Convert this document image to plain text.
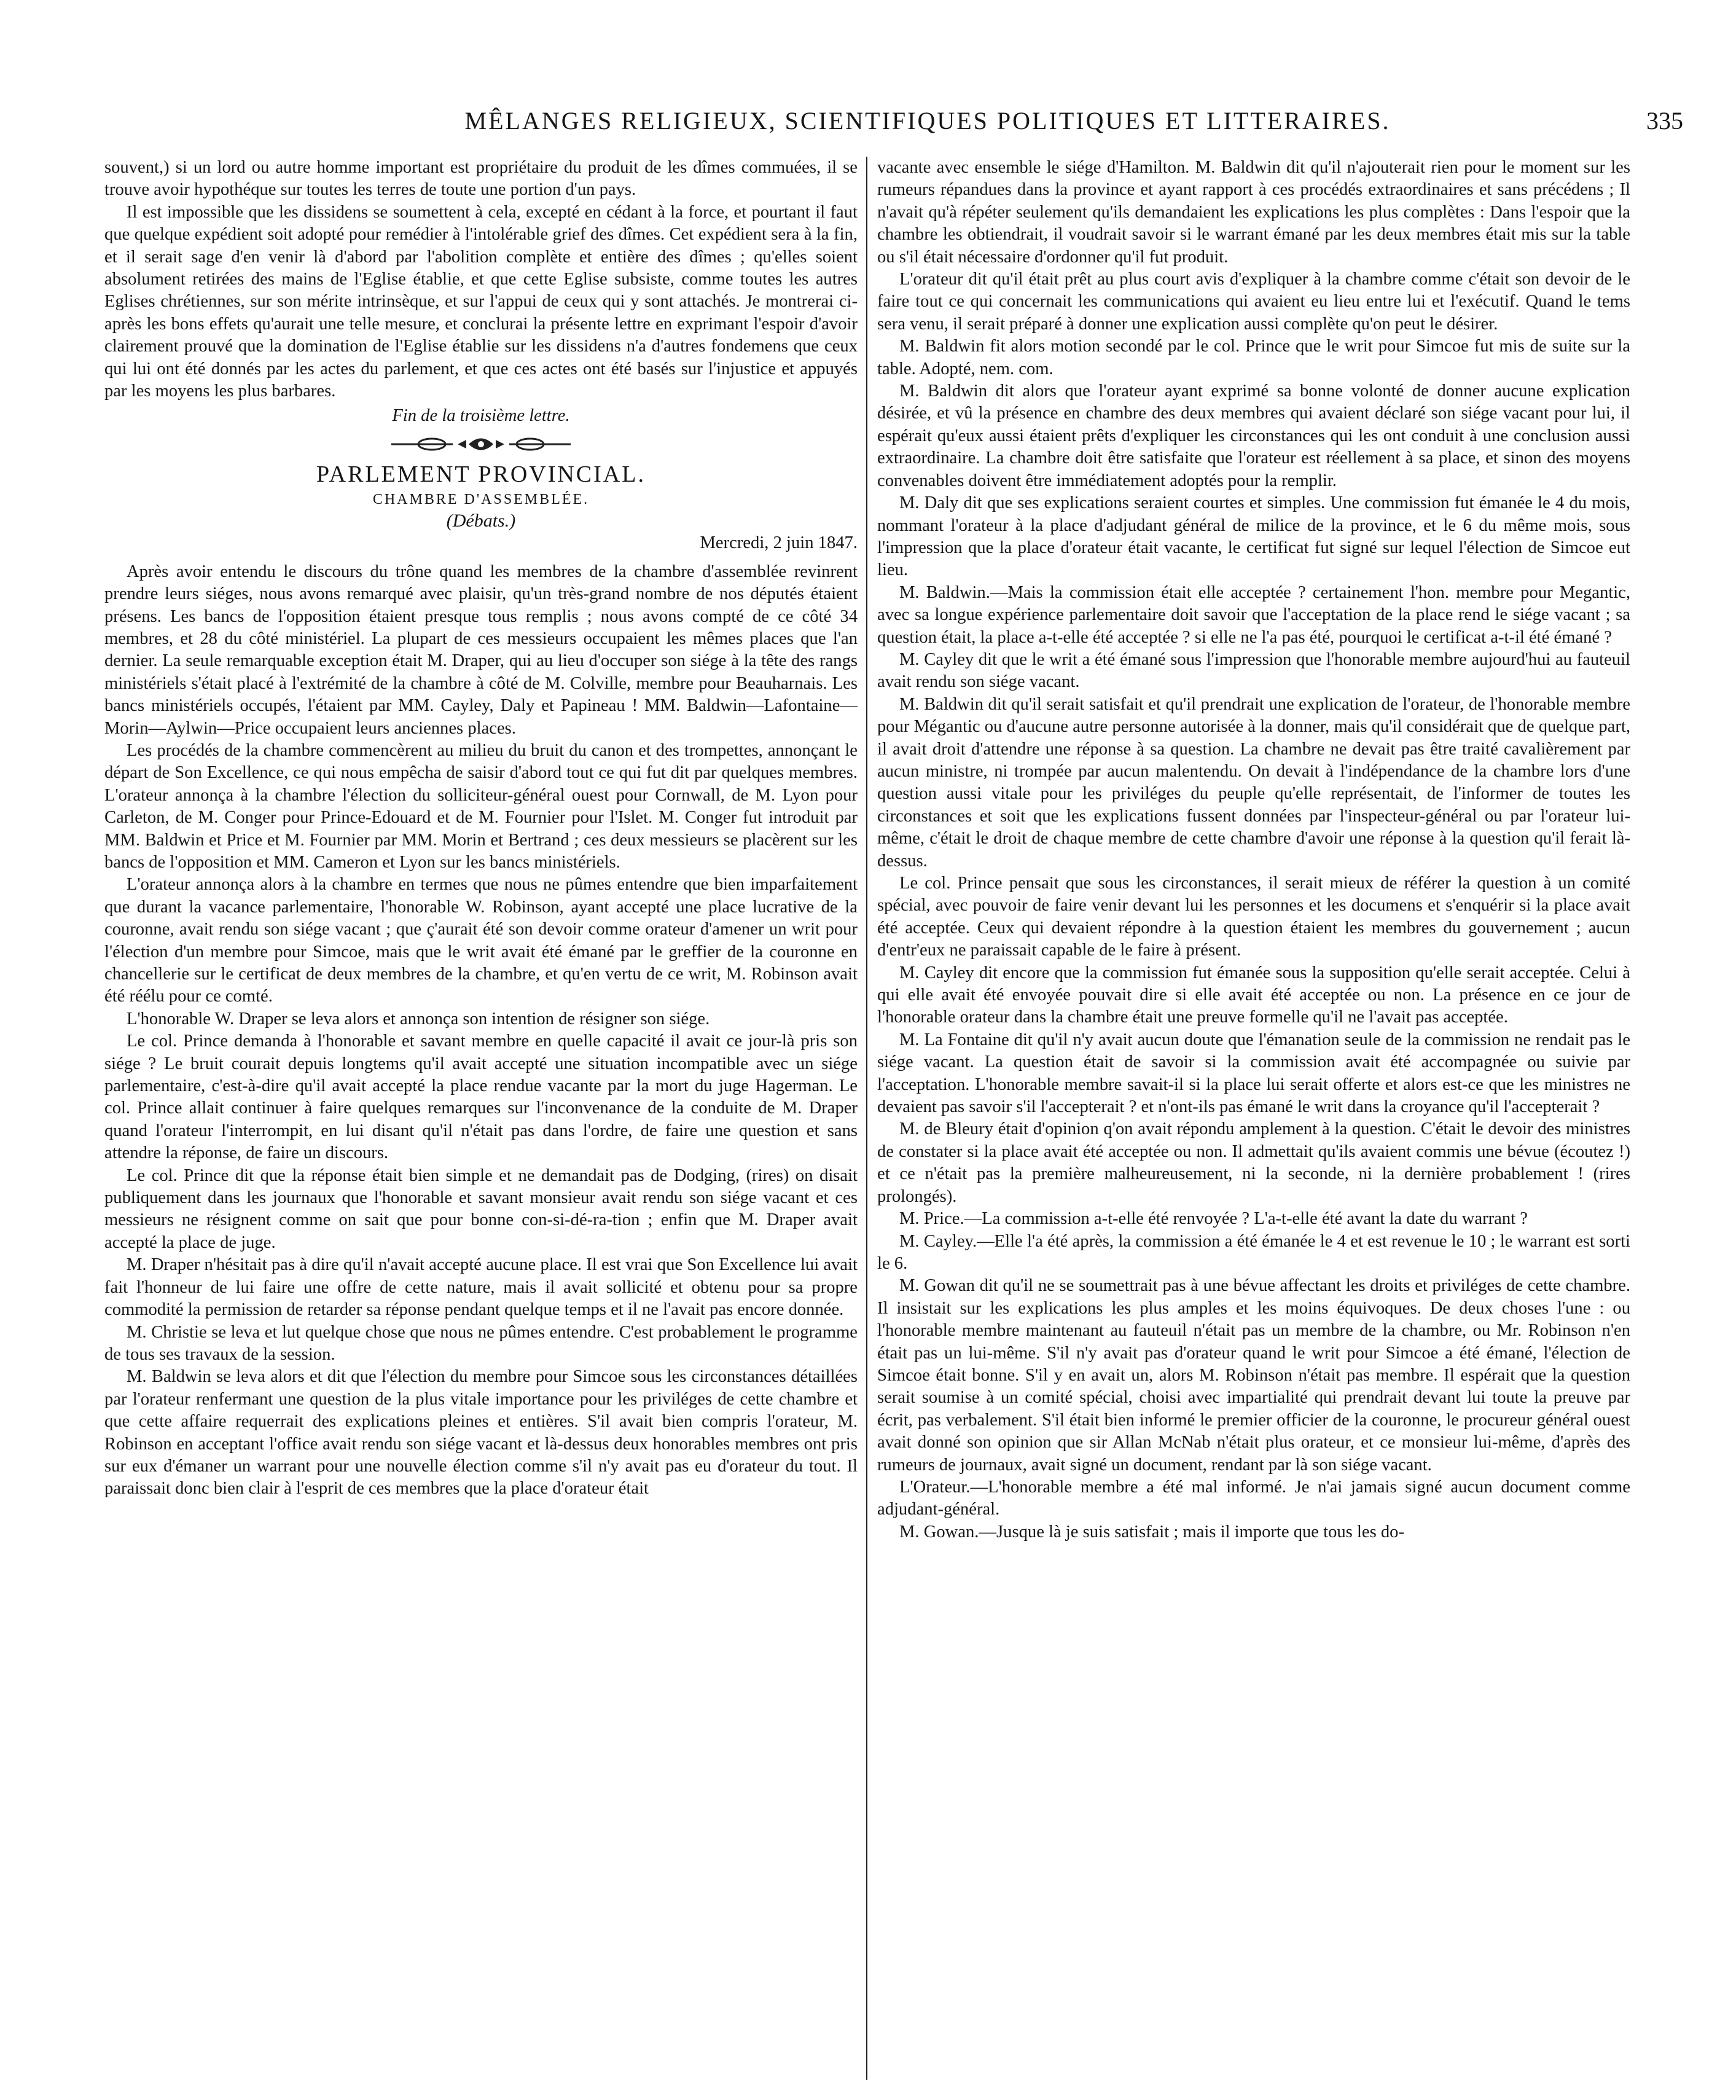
MÊLANGES RELIGIEUX, SCIENTIFIQUES POLITIQUES ET LITTERAIRES.	335

souvent,) si un lord ou autre homme important est propriétaire du produit de les dîmes commuées, il se trouve avoir hypothéque sur toutes les terres de toute une portion d'un pays.

Il est impossible que les dissidens se soumettent à cela, excepté en cédant à la force, et pourtant il faut que quelque expédient soit adopté pour remédier à l'intolérable grief des dîmes. Cet expédient sera à la fin, et il serait sage d'en venir là d'abord par l'abolition complète et entière des dîmes ; qu'elles soient absolument retirées des mains de l'Eglise établie, et que cette Eglise subsiste, comme toutes les autres Eglises chrétiennes, sur son mérite intrinsèque, et sur l'appui de ceux qui y sont attachés. Je montrerai ci-après les bons effets qu'aurait une telle mesure, et conclurai la présente lettre en exprimant l'espoir d'avoir clairement prouvé que la domination de l'Eglise établie sur les dissidens n'a d'autres fondemens que ceux qui lui ont été donnés par les actes du parlement, et que ces actes ont été basés sur l'injustice et appuyés par les moyens les plus barbares.

Fin de la troisième lettre.

PARLEMENT PROVINCIAL.

CHAMBRE D'ASSEMBLÉE.

(Débats.)

Mercredi, 2 juin 1847.

Après avoir entendu le discours du trône quand les membres de la chambre d'assemblée revinrent prendre leurs siéges, nous avons remarqué avec plaisir, qu'un très-grand nombre de nos députés étaient présens. Les bancs de l'opposition étaient presque tous remplis ; nous avons compté de ce côté 34 membres, et 28 du côté ministériel. La plupart de ces messieurs occupaient les mêmes places que l'an dernier. La seule remarquable exception était M. Draper, qui au lieu d'occuper son siége à la tête des rangs ministériels s'était placé à l'extrémité de la chambre à côté de M. Colville, membre pour Beauharnais. Les bancs ministériels occupés, l'étaient par MM. Cayley, Daly et Papineau ! MM. Baldwin—Lafontaine—Morin—Aylwin—Price occupaient leurs anciennes places.

Les procédés de la chambre commencèrent au milieu du bruit du canon et des trompettes, annonçant le départ de Son Excellence, ce qui nous empêcha de saisir d'abord tout ce qui fut dit par quelques membres. L'orateur annonça à la chambre l'élection du solliciteur-général ouest pour Cornwall, de M. Lyon pour Carleton, de M. Conger pour Prince-Edouard et de M. Fournier pour l'Islet. M. Conger fut introduit par MM. Baldwin et Price et M. Fournier par MM. Morin et Bertrand ; ces deux messieurs se placèrent sur les bancs de l'opposition et MM. Cameron et Lyon sur les bancs ministériels.

L'orateur annonça alors à la chambre en termes que nous ne pûmes entendre que bien imparfaitement que durant la vacance parlementaire, l'honorable W. Robinson, ayant accepté une place lucrative de la couronne, avait rendu son siége vacant ; que ç'aurait été son devoir comme orateur d'amener un writ pour l'élection d'un membre pour Simcoe, mais que le writ avait été émané par le greffier de la couronne en chancellerie sur le certificat de deux membres de la chambre, et qu'en vertu de ce writ, M. Robinson avait été réélu pour ce comté.

L'honorable W. Draper se leva alors et annonça son intention de résigner son siége.

Le col. Prince demanda à l'honorable et savant membre en quelle capacité il avait ce jour-là pris son siége ? Le bruit courait depuis longtems qu'il avait accepté une situation incompatible avec un siége parlementaire, c'est-à-dire qu'il avait accepté la place rendue vacante par la mort du juge Hagerman. Le col. Prince allait continuer à faire quelques remarques sur l'inconvenance de la conduite de M. Draper quand l'orateur l'interrompit, en lui disant qu'il n'était pas dans l'ordre, de faire une question et sans attendre la réponse, de faire un discours.

Le col. Prince dit que la réponse était bien simple et ne demandait pas de Dodging, (rires) on disait publiquement dans les journaux que l'honorable et savant monsieur avait rendu son siége vacant et ces messieurs ne résignent comme on sait que pour bonne con-si-dé-ra-tion ; enfin que M. Draper avait accepté la place de juge.

M. Draper n'hésitait pas à dire qu'il n'avait accepté aucune place. Il est vrai que Son Excellence lui avait fait l'honneur de lui faire une offre de cette nature, mais il avait sollicité et obtenu pour sa propre commodité la permission de retarder sa réponse pendant quelque temps et il ne l'avait pas encore donnée.

M. Christie se leva et lut quelque chose que nous ne pûmes entendre. C'est probablement le programme de tous ses travaux de la session.

M. Baldwin se leva alors et dit que l'élection du membre pour Simcoe sous les circonstances détaillées par l'orateur renfermant une question de la plus vitale importance pour les priviléges de cette chambre et que cette affaire requerrait des explications pleines et entières. S'il avait bien compris l'orateur, M. Robinson en acceptant l'office avait rendu son siége vacant et là-dessus deux honorables membres ont pris sur eux d'émaner un warrant pour une nouvelle élection comme s'il n'y avait pas eu d'orateur du tout. Il paraissait donc bien clair à l'esprit de ces membres que la place d'orateur était

vacante avec ensemble le siége d'Hamilton. M. Baldwin dit qu'il n'ajouterait rien pour le moment sur les rumeurs répandues dans la province et ayant rapport à ces procédés extraordinaires et sans précédens ; Il n'avait qu'à répéter seulement qu'ils demandaient les explications les plus complètes : Dans l'espoir que la chambre les obtiendrait, il voudrait savoir si le warrant émané par les deux membres était mis sur la table ou s'il était nécessaire d'ordonner qu'il fut produit.

L'orateur dit qu'il était prêt au plus court avis d'expliquer à la chambre comme c'était son devoir de le faire tout ce qui concernait les communications qui avaient eu lieu entre lui et l'exécutif. Quand le tems sera venu, il serait préparé à donner une explication aussi complète qu'on peut le désirer.

M. Baldwin fit alors motion secondé par le col. Prince que le writ pour Simcoe fut mis de suite sur la table. Adopté, nem. com.

M. Baldwin dit alors que l'orateur ayant exprimé sa bonne volonté de donner aucune explication désirée, et vû la présence en chambre des deux membres qui avaient déclaré son siége vacant pour lui, il espérait qu'eux aussi étaient prêts d'expliquer les circonstances qui les ont conduit à une conclusion aussi extraordinaire. La chambre doit être satisfaite que l'orateur est réellement à sa place, et sinon des moyens convenables doivent être immédiatement adoptés pour la remplir.

M. Daly dit que ses explications seraient courtes et simples. Une commission fut émanée le 4 du mois, nommant l'orateur à la place d'adjudant général de milice de la province, et le 6 du même mois, sous l'impression que la place d'orateur était vacante, le certificat fut signé sur lequel l'élection de Simcoe eut lieu.

M. Baldwin.—Mais la commission était elle acceptée ? certainement l'hon. membre pour Megantic, avec sa longue expérience parlementaire doit savoir que l'acceptation de la place rend le siége vacant ; sa question était, la place a-t-elle été acceptée ? si elle ne l'a pas été, pourquoi le certificat a-t-il été émané ?

M. Cayley dit que le writ a été émané sous l'impression que l'honorable membre aujourd'hui au fauteuil avait rendu son siége vacant.

M. Baldwin dit qu'il serait satisfait et qu'il prendrait une explication de l'orateur, de l'honorable membre pour Mégantic ou d'aucune autre personne autorisée à la donner, mais qu'il considérait que de quelque part, il avait droit d'attendre une réponse à sa question. La chambre ne devait pas être traité cavalièrement par aucun ministre, ni trompée par aucun malentendu. On devait à l'indépendance de la chambre lors d'une question aussi vitale pour les priviléges du peuple qu'elle représentait, de l'informer de toutes les circonstances et soit que les explications fussent données par l'inspecteur-général ou par l'orateur lui-même, c'était le droit de chaque membre de cette chambre d'avoir une réponse à la question qu'il ferait là-dessus.

Le col. Prince pensait que sous les circonstances, il serait mieux de référer la question à un comité spécial, avec pouvoir de faire venir devant lui les personnes et les documens et s'enquérir si la place avait été acceptée. Ceux qui devaient répondre à la question étaient les membres du gouvernement ; aucun d'entr'eux ne paraissait capable de le faire à présent.

M. Cayley dit encore que la commission fut émanée sous la supposition qu'elle serait acceptée. Celui à qui elle avait été envoyée pouvait dire si elle avait été acceptée ou non. La présence en ce jour de l'honorable orateur dans la chambre était une preuve formelle qu'il ne l'avait pas acceptée.

M. La Fontaine dit qu'il n'y avait aucun doute que l'émanation seule de la commission ne rendait pas le siége vacant. La question était de savoir si la commission avait été accompagnée ou suivie par l'acceptation. L'honorable membre savait-il si la place lui serait offerte et alors est-ce que les ministres ne devaient pas savoir s'il l'accepterait ? et n'ont-ils pas émané le writ dans la croyance qu'il l'accepterait ?

M. de Bleury était d'opinion q'on avait répondu amplement à la question. C'était le devoir des ministres de constater si la place avait été acceptée ou non. Il admettait qu'ils avaient commis une bévue (écoutez !) et ce n'était pas la première malheureusement, ni la seconde, ni la dernière probablement ! (rires prolongés).

M. Price.—La commission a-t-elle été renvoyée ? L'a-t-elle été avant la date du warrant ?

M. Cayley.—Elle l'a été après, la commission a été émanée le 4 et est revenue le 10 ; le warrant est sorti le 6.

M. Gowan dit qu'il ne se soumettrait pas à une bévue affectant les droits et priviléges de cette chambre. Il insistait sur les explications les plus amples et les moins équivoques. De deux choses l'une : ou l'honorable membre maintenant au fauteuil n'était pas un membre de la chambre, ou Mr. Robinson n'en était pas un lui-même. S'il n'y avait pas d'orateur quand le writ pour Simcoe a été émané, l'élection de Simcoe était bonne. S'il y en avait un, alors M. Robinson n'était pas membre. Il espérait que la question serait soumise à un comité spécial, choisi avec impartialité qui prendrait devant lui toute la preuve par écrit, pas verbalement. S'il était bien informé le premier officier de la couronne, le procureur général ouest avait donné son opinion que sir Allan McNab n'était plus orateur, et ce monsieur lui-même, d'après des rumeurs de journaux, avait signé un document, rendant par là son siége vacant.

L'Orateur.—L'honorable membre a été mal informé. Je n'ai jamais signé aucun document comme adjudant-général.

M. Gowan.—Jusque là je suis satisfait ; mais il importe que tous les do-
